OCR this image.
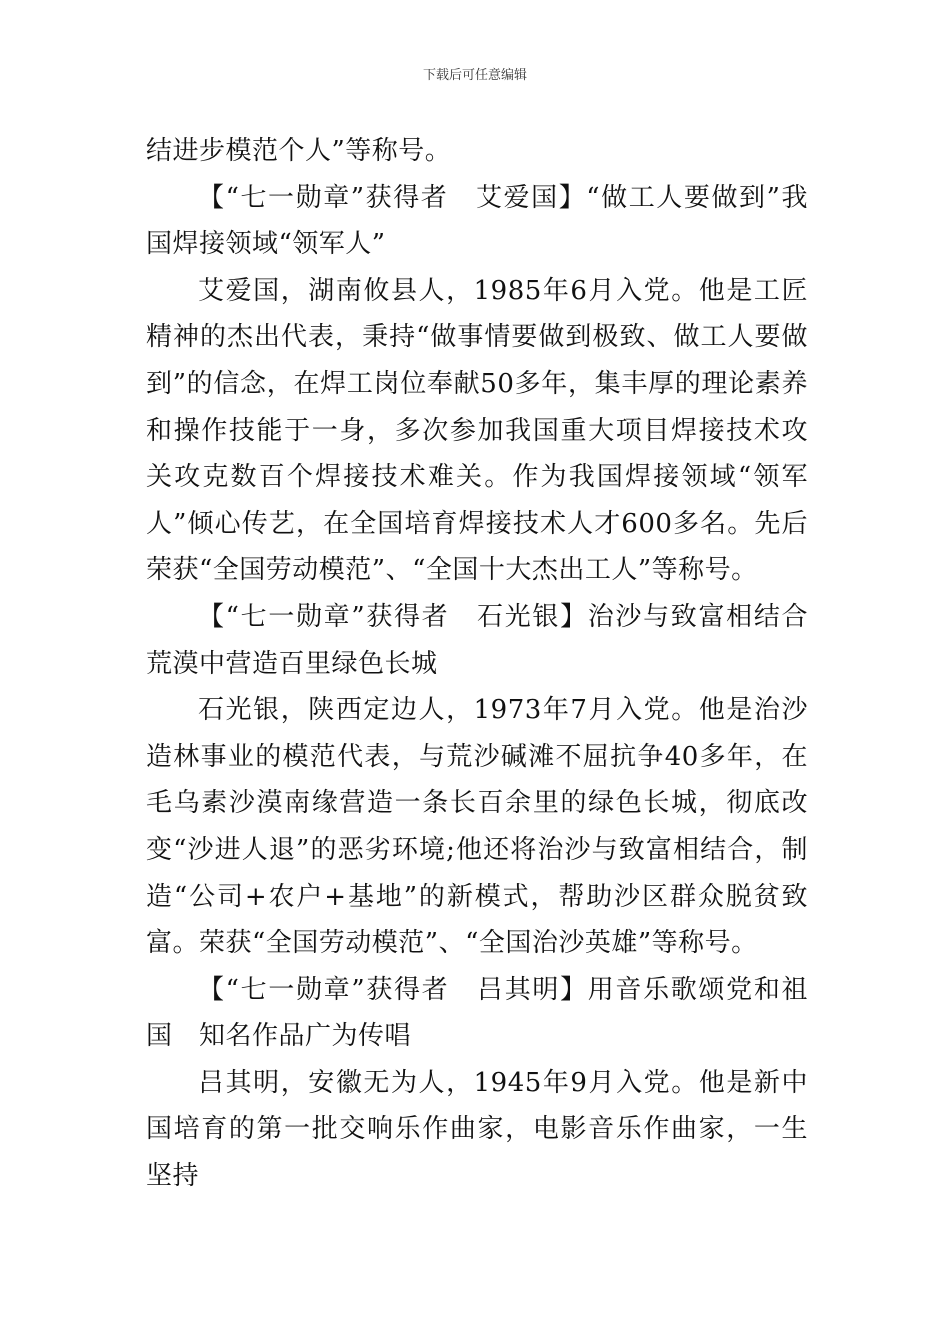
下载后可任意编辑

结进步模范个人”等称号。

【“七一勋章”获得者　艾爱国】“做工人要做到”我国焊接领域“领军人”

艾爱国，湖南攸县人，1985年6月入党。他是工匠精神的杰出代表，秉持“做事情要做到极致、做工人要做到”的信念，在焊工岗位奉献50多年，集丰厚的理论素养和操作技能于一身，多次参加我国重大项目焊接技术攻关攻克数百个焊接技术难关。作为我国焊接领域“领军人”倾心传艺，在全国培育焊接技术人才600多名。先后荣获“全国劳动模范”、“全国十大杰出工人”等称号。

【“七一勋章”获得者　石光银】治沙与致富相结合荒漠中营造百里绿色长城

石光银，陕西定边人，1973年7月入党。他是治沙造林事业的模范代表，与荒沙碱滩不屈抗争40多年，在毛乌素沙漠南缘营造一条长百余里的绿色长城，彻底改变“沙进人退”的恶劣环境;他还将治沙与致富相结合，制造“公司+农户+基地”的新模式，帮助沙区群众脱贫致富。荣获“全国劳动模范”、“全国治沙英雄”等称号。

【“七一勋章”获得者　吕其明】用音乐歌颂党和祖国　知名作品广为传唱

吕其明，安徽无为人，1945年9月入党。他是新中国培育的第一批交响乐作曲家，电影音乐作曲家，一生坚持
